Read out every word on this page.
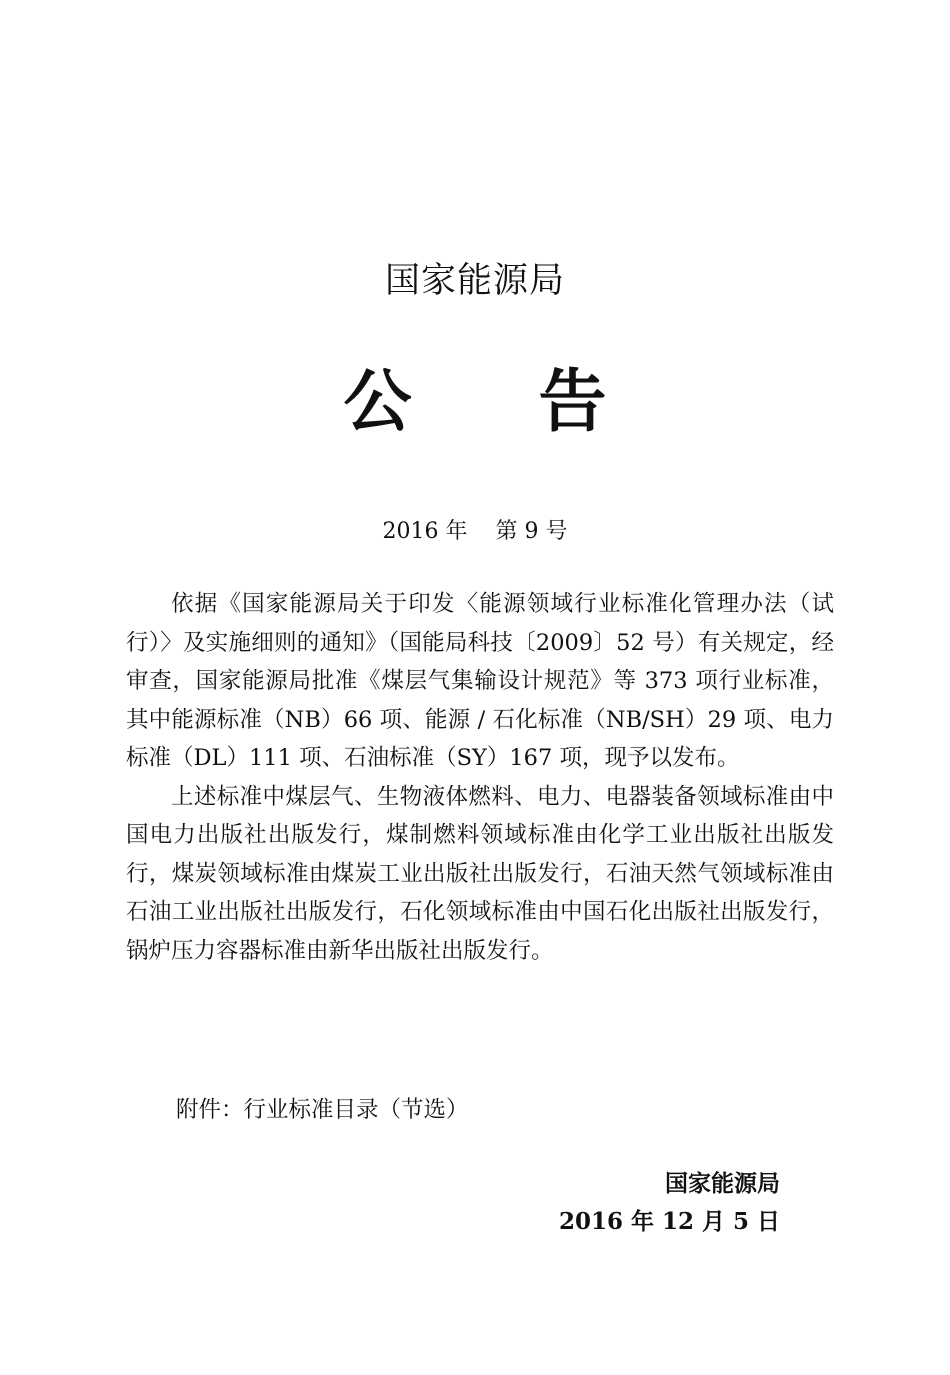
国家能源局
公 告
2016 年 第 9 号

依据《国家能源局关于印发〈能源领域行业标准化管理办法（试行）〉及实施细则的通知》（国能局科技〔2009〕52 号）有关规定，经审查，国家能源局批准《煤层气集输设计规范》等 373 项行业标准，其中能源标准（NB）66 项、能源 / 石化标准（NB/SH）29 项、电力标准（DL）111 项、石油标准（SY）167 项，现予以发布。

上述标准中煤层气、生物液体燃料、电力、电器装备领域标准由中国电力出版社出版发行，煤制燃料领域标准由化学工业出版社出版发行，煤炭领域标准由煤炭工业出版社出版发行，石油天然气领域标准由石油工业出版社出版发行，石化领域标准由中国石化出版社出版发行，锅炉压力容器标准由新华出版社出版发行。

附件：行业标准目录（节选）
国家能源局
2016 年 12 月 5 日
